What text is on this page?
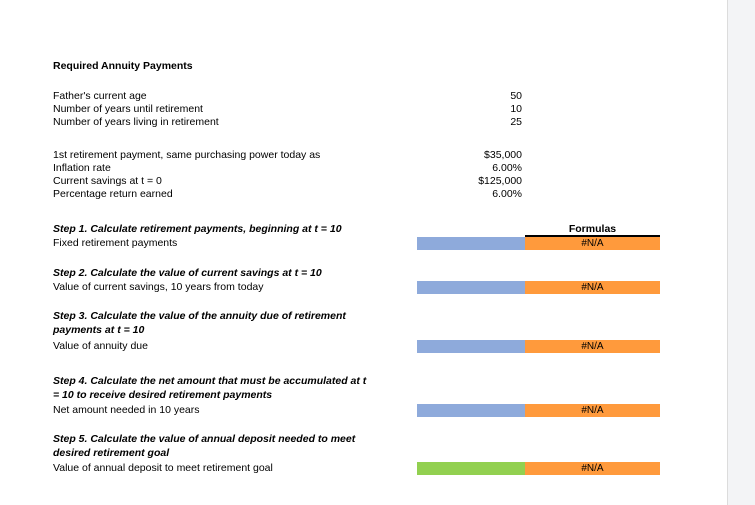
Required Annuity Payments
Father's current age	50
Number of years until retirement	10
Number of years living in retirement	25
1st retirement payment, same purchasing power today as	$35,000
Inflation rate	6.00%
Current savings at t = 0	$125,000
Percentage return earned	6.00%
Formulas
Step 1. Calculate retirement payments, beginning at t = 10
Fixed retirement payments	#N/A
Step 2. Calculate the value of current savings at t = 10
Value of current savings, 10 years from today	#N/A
Step 3. Calculate the value of the annuity due of retirement
payments at t = 10
Value of annuity due	#N/A
Step 4. Calculate the net amount that must be accumulated at t
= 10 to receive desired retirement payments
Net amount needed in 10 years	#N/A
Step 5. Calculate the value of annual deposit needed to meet
desired retirement goal
Value of annual deposit to meet retirement goal	#N/A
